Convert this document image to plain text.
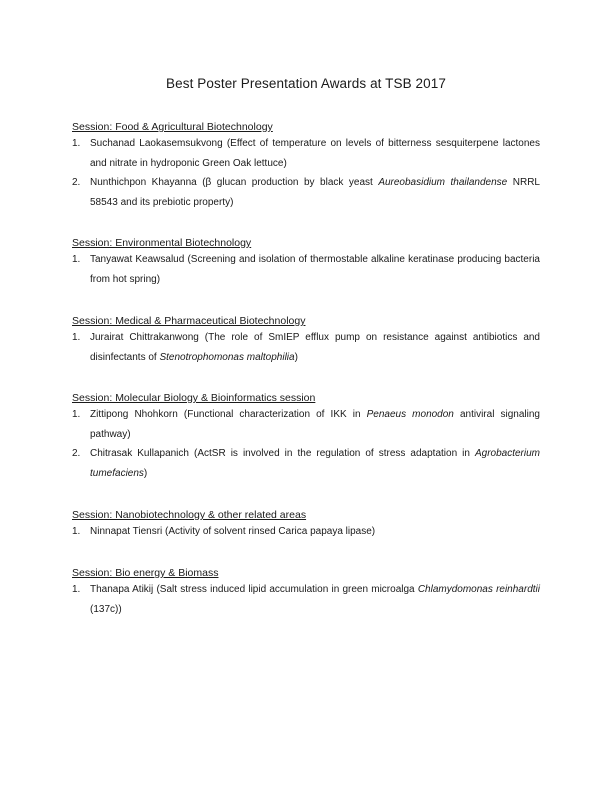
Best Poster Presentation Awards at TSB 2017
Session: Food & Agricultural Biotechnology
1. Suchanad Laokasemsukvong (Effect of temperature on levels of bitterness sesquiterpene lactones and nitrate in hydroponic Green Oak lettuce)
2. Nunthichpon Khayanna (β glucan production by black yeast Aureobasidium thailandense NRRL 58543 and its prebiotic property)
Session: Environmental Biotechnology
1. Tanyawat Keawsalud (Screening and isolation of thermostable alkaline keratinase producing bacteria from hot spring)
Session: Medical & Pharmaceutical Biotechnology
1. Juraira​t Chittrakanwong (The role of SmIEP efflux pump on resistance against antibiotics and disinfectants of Stenotrophomonas maltophilia)
Session: Molecular Biology & Bioinformatics session
1. Zittipong Nhohkorn (Functional characterization of IKK in Penaeus monodon antiviral signaling pathway)
2. Chitrasak Kullapanich (ActSR is involved in the regulation of stress adaptation in Agrobacterium tumefaciens)
Session: Nanobiotechnology & other related areas
1. Ninnapat Tiensri (Activity of solvent rinsed Carica papaya lipase)
Session: Bio energy & Biomass
1. Thanapa Atikij (Salt stress induced lipid accumulation in green microalga Chlamydomonas reinhardtii (137c))
